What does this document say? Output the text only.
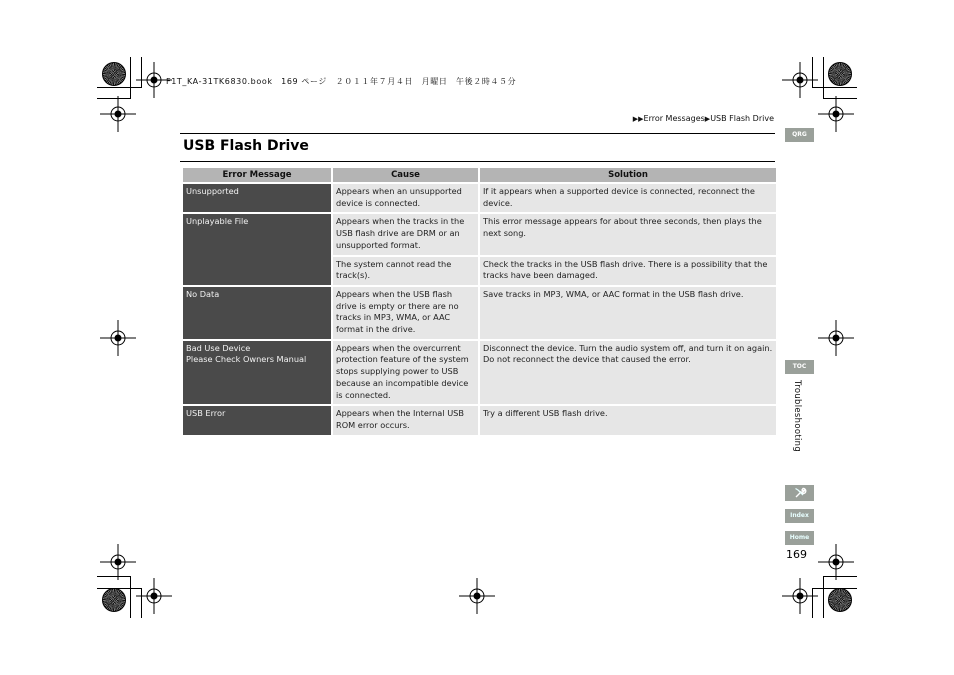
F1T_KA-31TK6830.book　169 ページ　２０１１年７月４日　月曜日　午後２時４５分
▶▶Error Messages▶USB Flash Drive
USB Flash Drive
Error Message	Cause	Solution
Unsupported	Appears when an unsupported device is connected.	If it appears when a supported device is connected, reconnect the device.
Unplayable File	Appears when the tracks in the USB flash drive are DRM or an unsupported format.	This error message appears for about three seconds, then plays the next song.
	The system cannot read the track(s).	Check the tracks in the USB flash drive. There is a possibility that the tracks have been damaged.
No Data	Appears when the USB flash drive is empty or there are no tracks in MP3, WMA, or AAC format in the drive.	Save tracks in MP3, WMA, or AAC format in the USB flash drive.

Bad Use Device
Please Check Owners Manual	Appears when the overcurrent protection feature of the system stops supplying power to USB because an incompatible device is connected.	Disconnect the device. Turn the audio system off, and turn it on again. Do not reconnect the device that caused the error.
USB Error	Appears when the Internal USB ROM error occurs.	Try a different USB flash drive.
QRG
TOC
Troubleshooting
Index
Home
169
